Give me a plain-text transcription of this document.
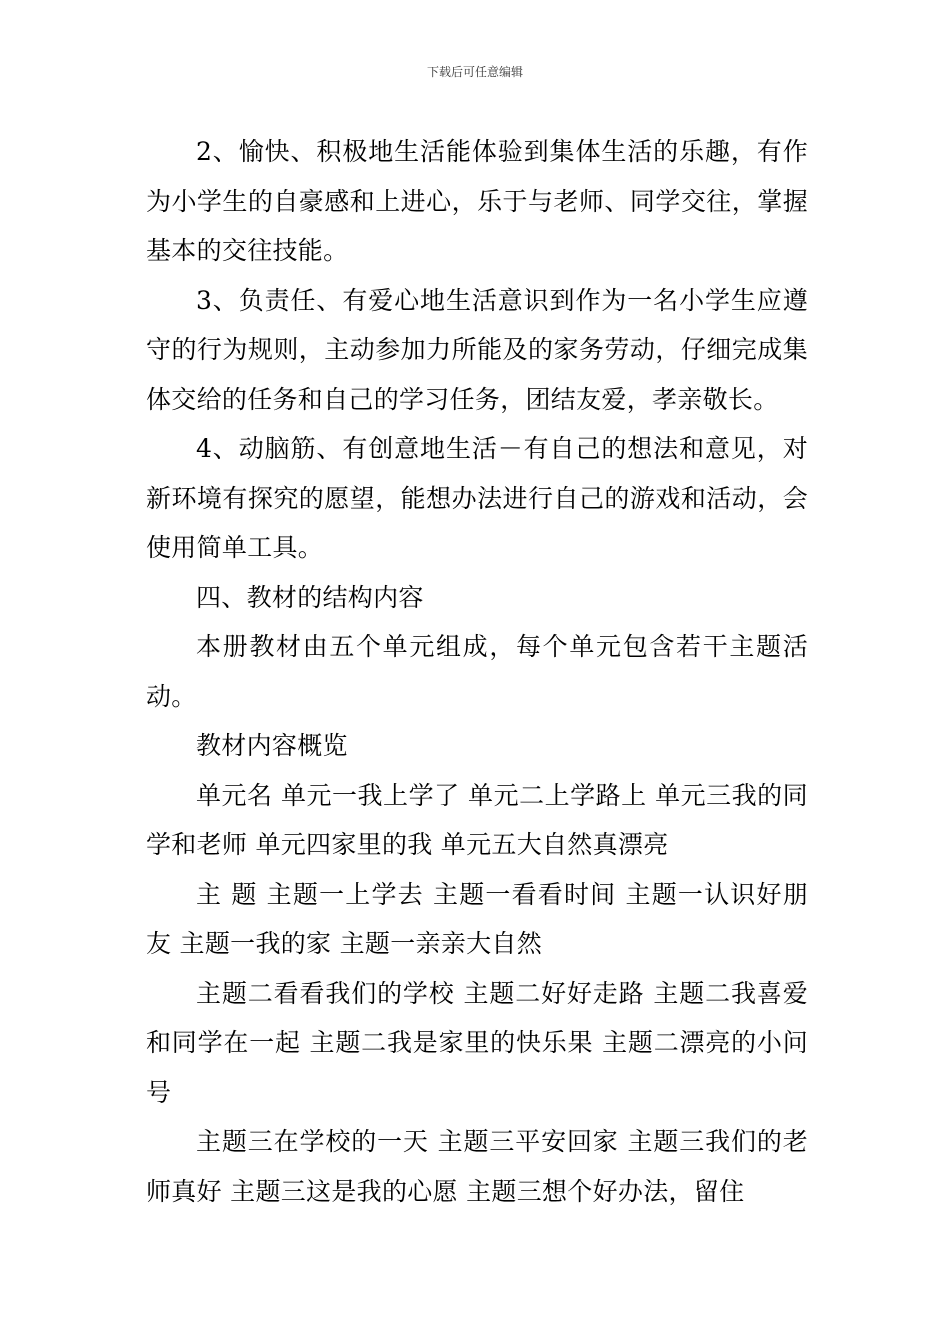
下载后可任意编辑

2、愉快、积极地生活能体验到集体生活的乐趣，有作为小学生的自豪感和上进心，乐于与老师、同学交往，掌握基本的交往技能。

3、负责任、有爱心地生活意识到作为一名小学生应遵守的行为规则，主动参加力所能及的家务劳动，仔细完成集体交给的任务和自己的学习任务，团结友爱，孝亲敬长。

4、动脑筋、有创意地生活－有自己的想法和意见，对新环境有探究的愿望，能想办法进行自己的游戏和活动，会使用简单工具。

四、教材的结构内容

本册教材由五个单元组成，每个单元包含若干主题活动。

教材内容概览

单元名 单元一我上学了 单元二上学路上 单元三我的同学和老师 单元四家里的我 单元五大自然真漂亮

主 题 主题一上学去 主题一看看时间 主题一认识好朋友 主题一我的家 主题一亲亲大自然

主题二看看我们的学校 主题二好好走路 主题二我喜爱和同学在一起 主题二我是家里的快乐果 主题二漂亮的小问号

主题三在学校的一天 主题三平安回家 主题三我们的老师真好 主题三这是我的心愿 主题三想个好办法，留住
